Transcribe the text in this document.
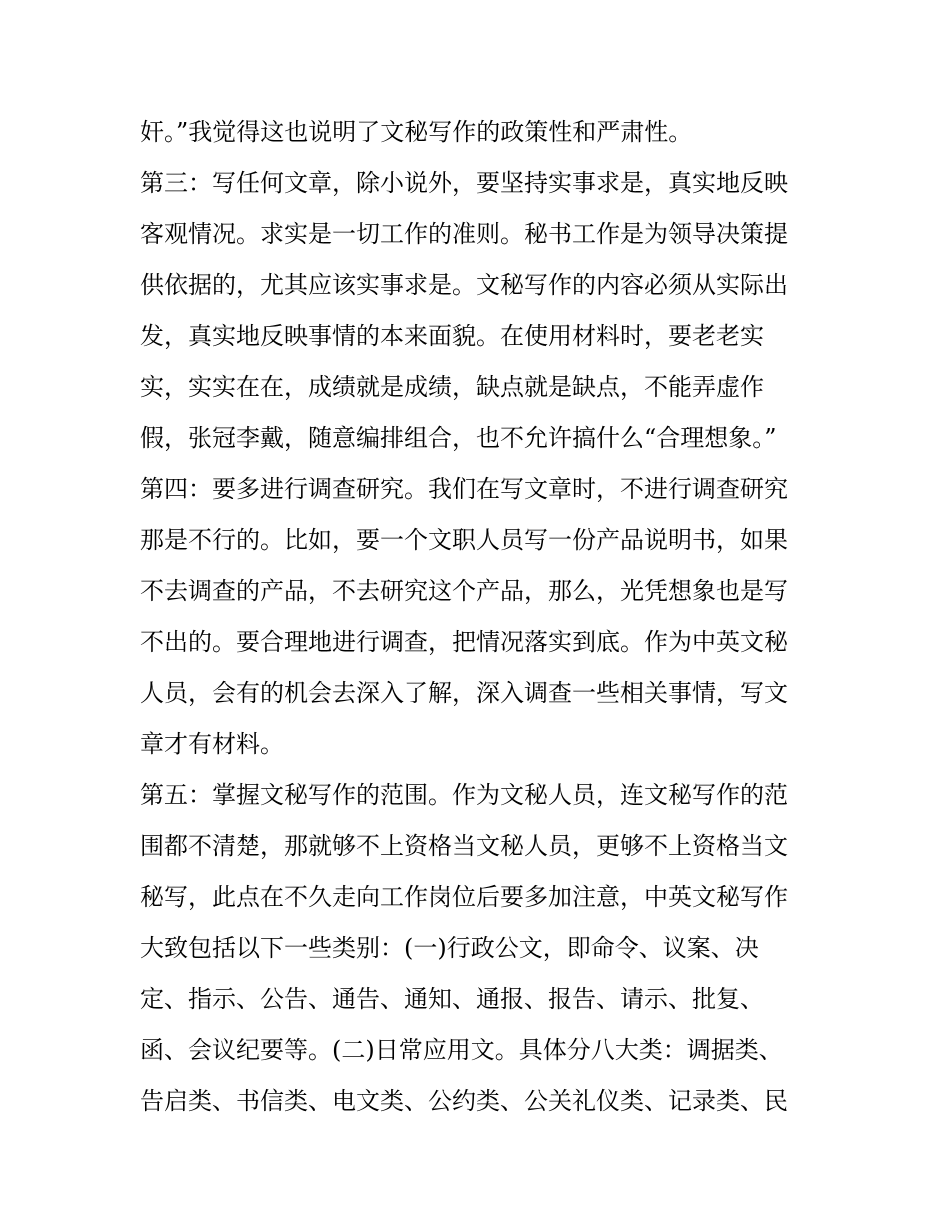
奸。”我觉得这也说明了文秘写作的政策性和严肃性。
第三：写任何文章，除小说外，要坚持实事求是，真实地反映
客观情况。求实是一切工作的准则。秘书工作是为领导决策提
供依据的，尤其应该实事求是。文秘写作的内容必须从实际出
发，真实地反映事情的本来面貌。在使用材料时，要老老实
实，实实在在，成绩就是成绩，缺点就是缺点，不能弄虚作
假，张冠李戴，随意编排组合，也不允许搞什么“合理想象。”
第四：要多进行调查研究。我们在写文章时，不进行调查研究
那是不行的。比如，要一个文职人员写一份产品说明书，如果
不去调查的产品，不去研究这个产品，那么，光凭想象也是写
不出的。要合理地进行调查，把情况落实到底。作为中英文秘
人员，会有的机会去深入了解，深入调查一些相关事情，写文
章才有材料。
第五：掌握文秘写作的范围。作为文秘人员，连文秘写作的范
围都不清楚，那就够不上资格当文秘人员，更够不上资格当文
秘写，此点在不久走向工作岗位后要多加注意，中英文秘写作
大致包括以下一些类别：(一)行政公文，即命令、议案、决
定、指示、公告、通告、通知、通报、报告、请示、批复、
函、会议纪要等。(二)日常应用文。具体分八大类：调据类、
告启类、书信类、电文类、公约类、公关礼仪类、记录类、民
